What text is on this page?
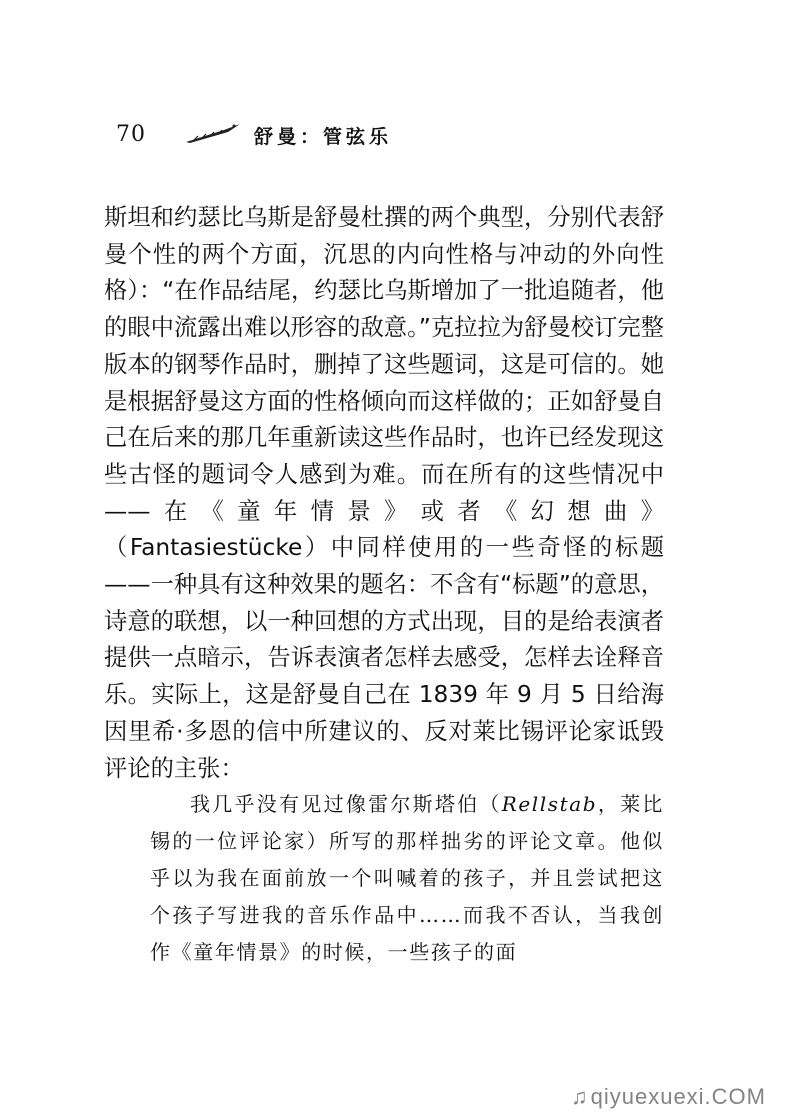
70	舒曼：管弦乐

斯坦和约瑟比乌斯是舒曼杜撰的两个典型，分别代表舒曼个性的两个方面，沉思的内向性格与冲动的外向性格）：“在作品结尾，约瑟比乌斯增加了一批追随者，他的眼中流露出难以形容的敌意。”克拉拉为舒曼校订完整版本的钢琴作品时，删掉了这些题词，这是可信的。她是根据舒曼这方面的性格倾向而这样做的；正如舒曼自己在后来的那几年重新读这些作品时，也许已经发现这些古怪的题词令人感到为难。而在所有的这些情况中——在《童年情景》或者《幻想曲》（Fantasiestücke）中同样使用的一些奇怪的标题——一种具有这种效果的题名：不含有“标题”的意思，诗意的联想，以一种回想的方式出现，目的是给表演者提供一点暗示，告诉表演者怎样去感受，怎样去诠释音乐。实际上，这是舒曼自己在 1839 年 9 月 5 日给海因里希·多恩的信中所建议的、反对莱比锡评论家诋毁评论的主张：

我几乎没有见过像雷尔斯塔伯（Rellstab，莱比锡的一位评论家）所写的那样拙劣的评论文章。他似乎以为我在面前放一个叫喊着的孩子，并且尝试把这个孩子写进我的音乐作品中……而我不否认，当我创作《童年情景》的时候，一些孩子的面

♫qiyuexuexi.COM
